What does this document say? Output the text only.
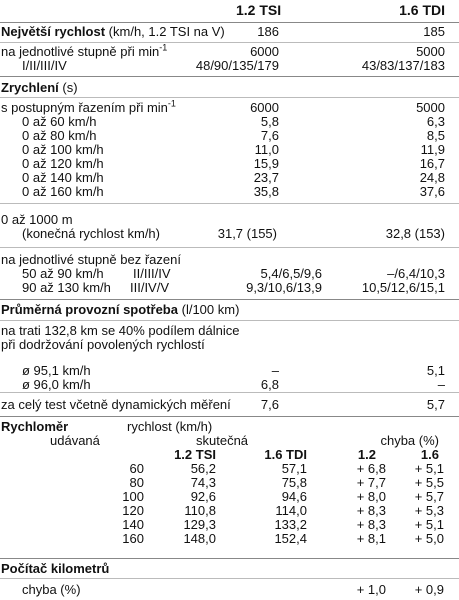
1.2 TSI	1.6 TDI
Největší rychlost (km/h, 1.2 TSI na V)	186	185
na jednotlivé stupně při $\min^{-1}$	6000	5000
I/II/III/IV	48/90/135/179	43/83/137/183
Zrychlení (s)
s postupným řazením při $\min^{-1}$	6000	5000
0 až 60 km/h	5,8	6,3
0 až 80 km/h	7,6	8,5
0 až 100 km/h	11,0	11,9
0 až 120 km/h	15,9	16,7
0 až 140 km/h	23,7	24,8
0 až 160 km/h	35,8	37,6
0 až 1000 m
(konečná rychlost km/h)	31,7 (155)	32,8 (153)
na jednotlivé stupně bez řazení
50 až 90 km/h II/III/IV	5,4/6,5/9,6	–/6,4/10,3
90 až 130 km/h III/IV/V	9,3/10,6/13,9	10,5/12,6/15,1
Průměrná provozní spotřeba (l/100 km)
na trati 132,8 km se 40% podílem dálnice
při dodržování povolených rychlostí
ø 95,1 km/h	–	5,1
ø 96,0 km/h	6,8	–
za celý test včetně dynamických měření 7,6	5,7
Rychloměr	rychlost (km/h)
udávaná	skutečná	chyba (%)
1.2 TSI	1.6 TDI	1.2	1.6
60	56,2	57,1	+ 6,8 + 5,1
80	74,3	75,8	+ 7,7 + 5,5
100	92,6	94,6	+ 8,0 + 5,7
120	110,8	114,0	+ 8,3 + 5,3
140	129,3	133,2	+ 8,3 + 5,1
160	148,0	152,4	+ 8,1 + 5,0
Počítač kilometrů
chyba (%)	+ 1,0 + 0,9
